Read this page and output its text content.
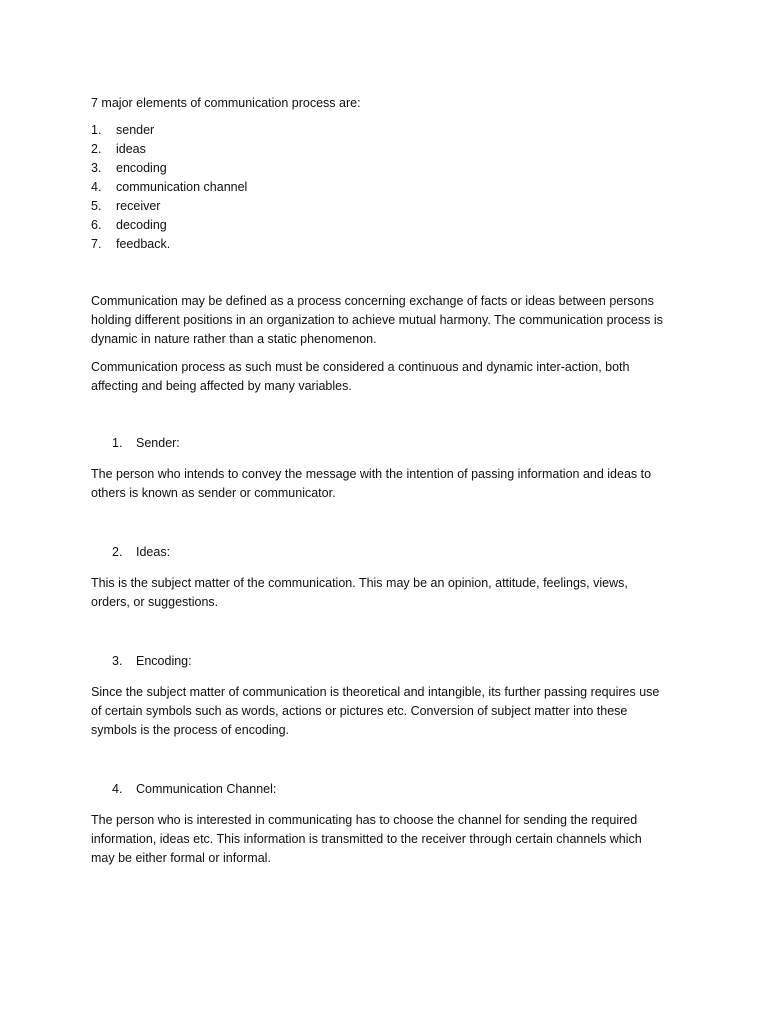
7 major elements of communication process are:

1.	sender
2.	ideas
3.	encoding
4.	communication channel
5.	receiver
6.	decoding
7.	feedback.

Communication may be defined as a process concerning exchange of facts or ideas between persons
holding different positions in an organization to achieve mutual harmony. The communication process is
dynamic in nature rather than a static phenomenon.

Communication process as such must be considered a continuous and dynamic inter-action, both
affecting and being affected by many variables.

1.	Sender:

The person who intends to convey the message with the intention of passing information and ideas to
others is known as sender or communicator.

2.	Ideas:

This is the subject matter of the communication. This may be an opinion, attitude, feelings, views,
orders, or suggestions.

3.	Encoding:

Since the subject matter of communication is theoretical and intangible, its further passing requires use
of certain symbols such as words, actions or pictures etc. Conversion of subject matter into these
symbols is the process of encoding.

4.	Communication Channel:

The person who is interested in communicating has to choose the channel for sending the required
information, ideas etc. This information is transmitted to the receiver through certain channels which
may be either formal or informal.
